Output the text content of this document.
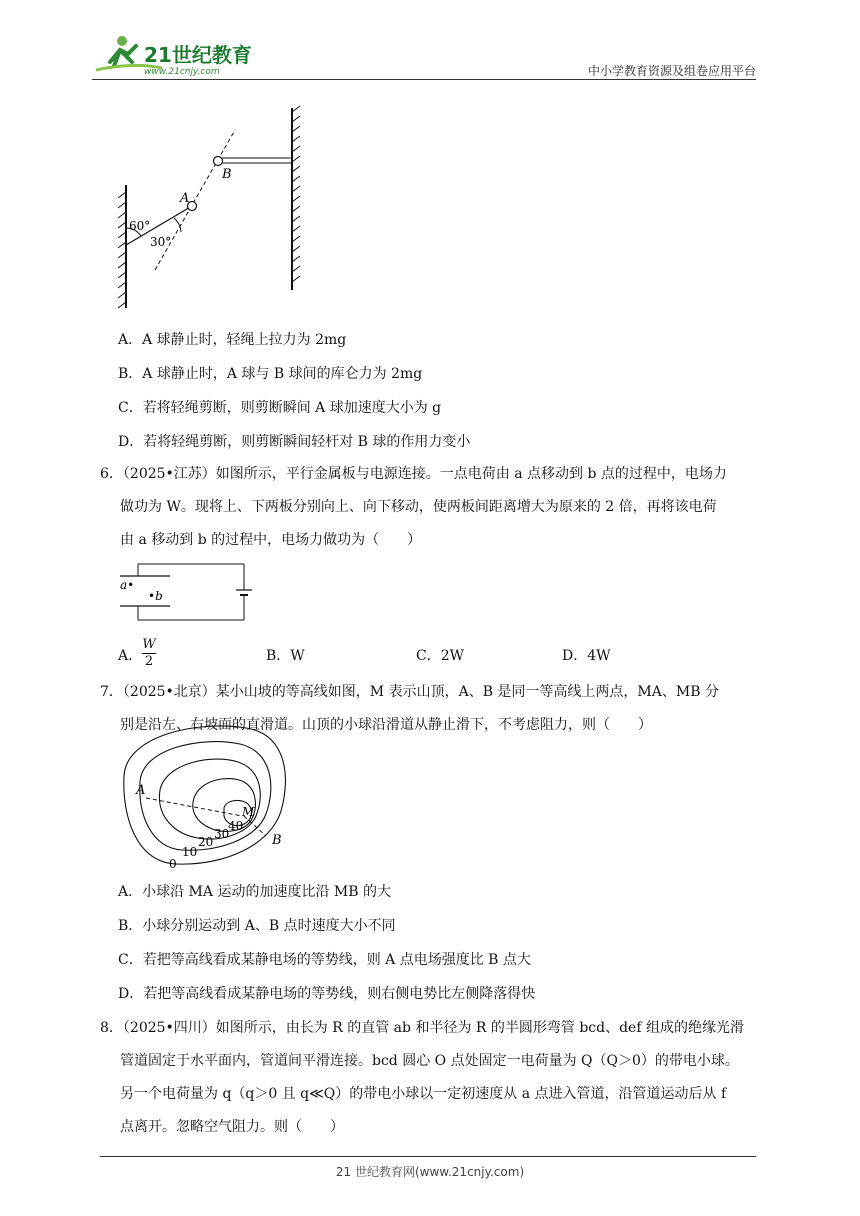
21世纪教育
www.21cnjy.com	中小学教育资源及组卷应用平台
B
A
60°
30°
A．A 球静止时，轻绳上拉力为 2mg
B．A 球静止时，A 球与 B 球间的库仑力为 2mg
C．若将轻绳剪断，则剪断瞬间 A 球加速度大小为 g
D．若将轻绳剪断，则剪断瞬间轻杆对 B 球的作用力变小
6．（2025•江苏）如图所示，平行金属板与电源连接。一点电荷由 a 点移动到 b 点的过程中，电场力
做功为 W。现将上、下两板分别向上、向下移动，使两板间距离增大为原来的 2 倍，再将该电荷
由 a 移动到 b 的过程中，电场力做功为（　　）
a•
•b
A． $\frac{W}{2}$	B．W	C．2W	D．4W
7．（2025•北京）某小山坡的等高线如图，M 表示山顶，A、B 是同一等高线上两点，MA、MB 分
别是沿左、右坡面的直滑道。山顶的小球沿滑道从静止滑下，不考虑阻力，则（　　）
A
M
B
0
10
20
30
40
A．小球沿 MA 运动的加速度比沿 MB 的大
B．小球分别运动到 A、B 点时速度大小不同
C．若把等高线看成某静电场的等势线，则 A 点电场强度比 B 点大
D．若把等高线看成某静电场的等势线，则右侧电势比左侧降落得快
8．（2025•四川）如图所示，由长为 R 的直管 ab 和半径为 R 的半圆形弯管 bcd、def 组成的绝缘光滑
管道固定于水平面内，管道间平滑连接。bcd 圆心 O 点处固定一电荷量为 Q（Q＞0）的带电小球。
另一个电荷量为 q（q＞0 且 q≪Q）的带电小球以一定初速度从 a 点进入管道，沿管道运动后从 f
点离开。忽略空气阻力。则（　　）
21 世纪教育网(www.21cnjy.com)
